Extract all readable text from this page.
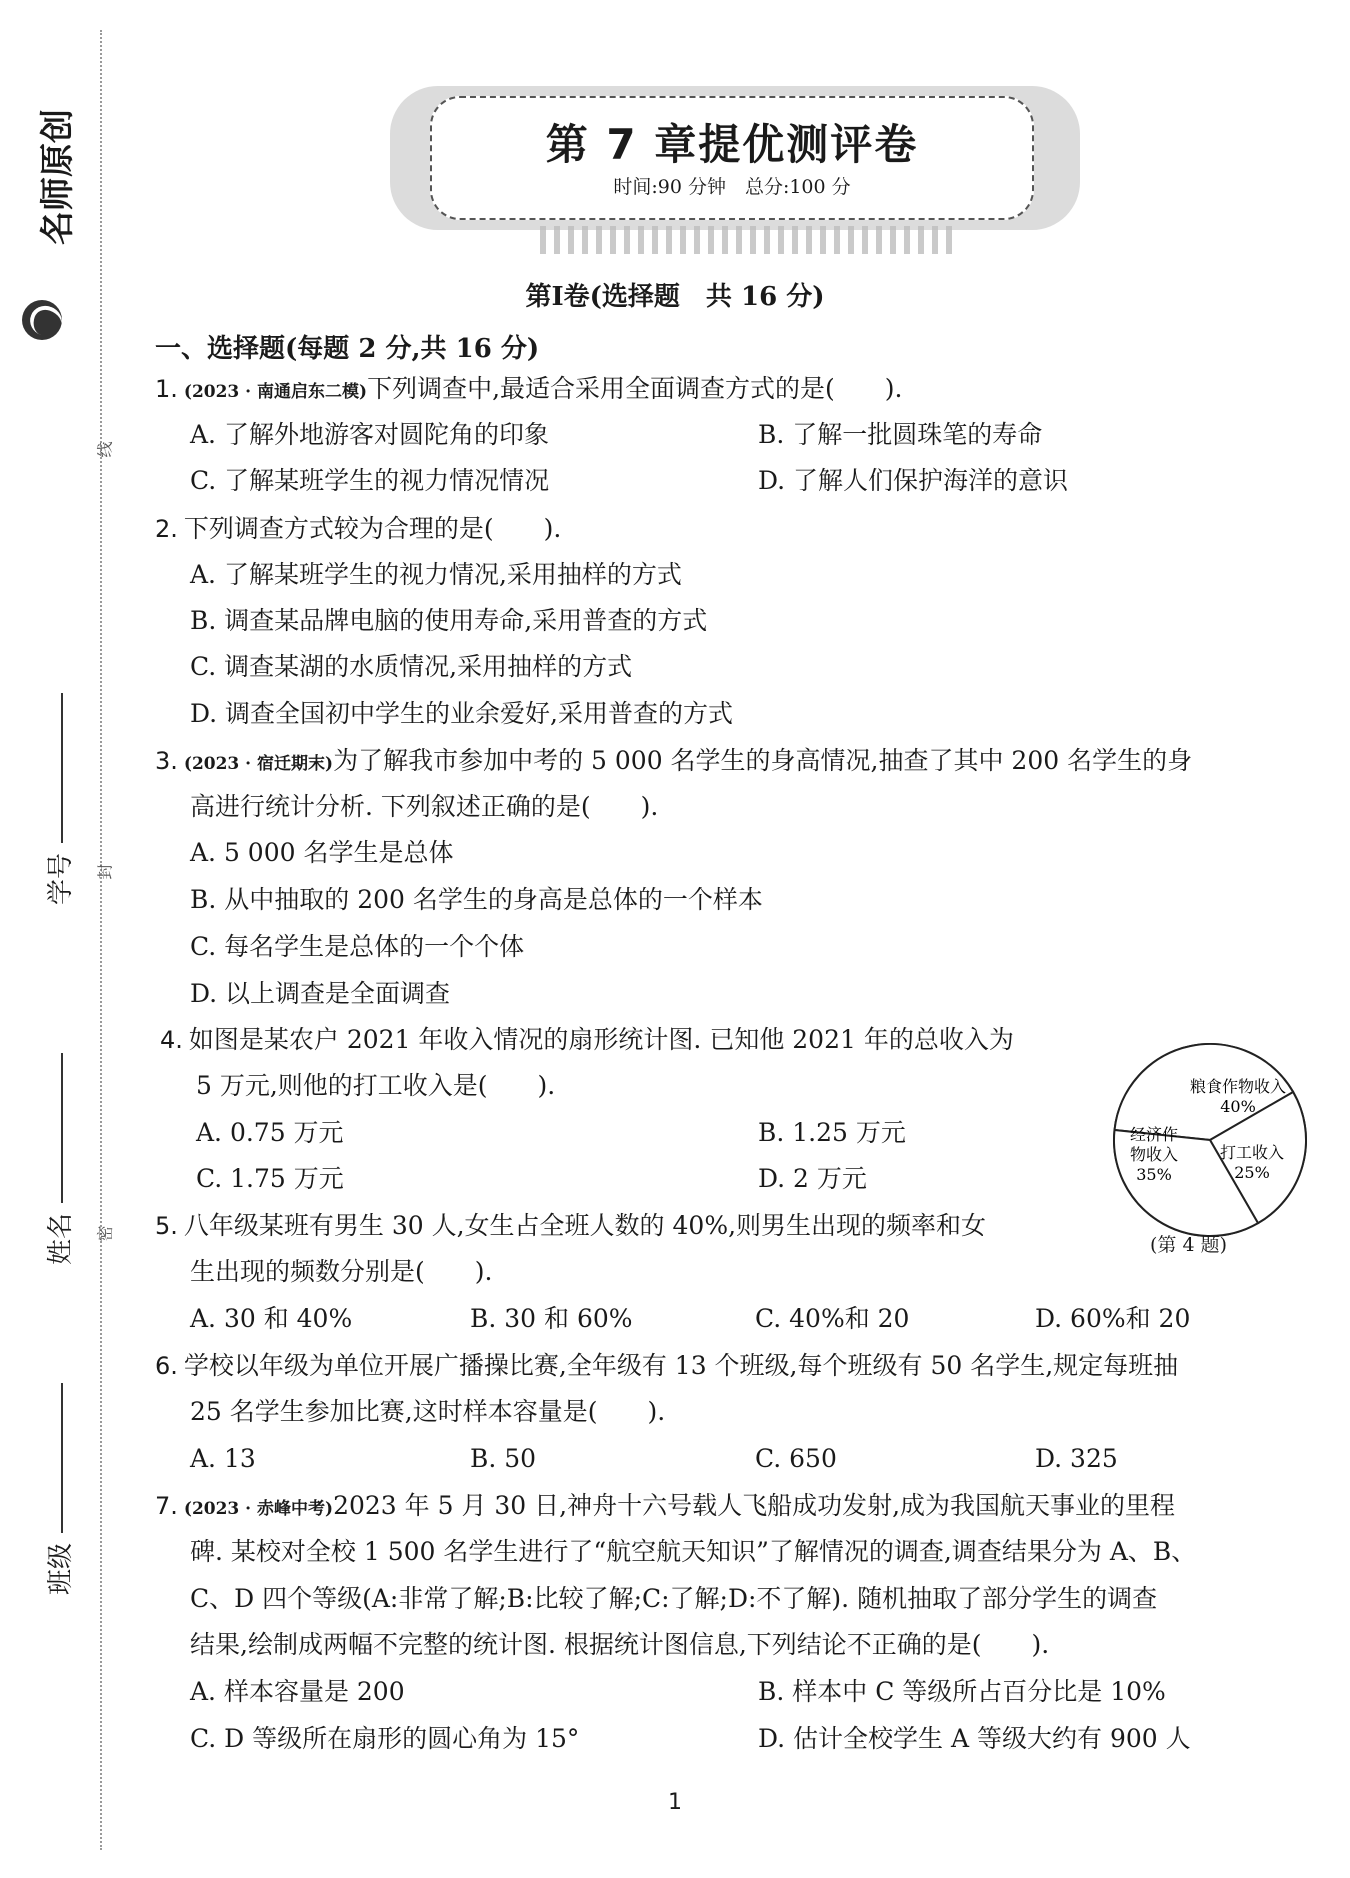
名师原创
班级
姓名
学号
线
封
密
第 7 章提优测评卷
时间:90 分钟　总分:100 分
第Ⅰ卷(选择题　共 16 分)
一、选择题(每题 2 分,共 16 分)
1. (2023 · 南通启东二模)下列调查中,最适合采用全面调查方式的是(　　).
A. 了解外地游客对圆陀角的印象	B. 了解一批圆珠笔的寿命
C. 了解某班学生的视力情况情况	D. 了解人们保护海洋的意识
2. 下列调查方式较为合理的是(　　).
A. 了解某班学生的视力情况,采用抽样的方式
B. 调查某品牌电脑的使用寿命,采用普查的方式
C. 调查某湖的水质情况,采用抽样的方式
D. 调查全国初中学生的业余爱好,采用普查的方式
3. (2023 · 宿迁期末)为了解我市参加中考的 5 000 名学生的身高情况,抽查了其中 200 名学生的身
高进行统计分析. 下列叙述正确的是(　　).
A. 5 000 名学生是总体
B. 从中抽取的 200 名学生的身高是总体的一个样本
C. 每名学生是总体的一个个体
D. 以上调查是全面调查
4. 如图是某农户 2021 年收入情况的扇形统计图. 已知他 2021 年的总收入为
5 万元,则他的打工收入是(　　).
A. 0.75 万元	B. 1.25 万元
C. 1.75 万元	D. 2 万元
粮食作物收入
40%
经济作
物收入
35%
打工收入
25%
(第 4 题)
5. 八年级某班有男生 30 人,女生占全班人数的 40%,则男生出现的频率和女
生出现的频数分别是(　　).
A. 30 和 40%	B. 30 和 60%	C. 40%和 20	D. 60%和 20
6. 学校以年级为单位开展广播操比赛,全年级有 13 个班级,每个班级有 50 名学生,规定每班抽
25 名学生参加比赛,这时样本容量是(　　).
A. 13	B. 50	C. 650	D. 325
7. (2023 · 赤峰中考)2023 年 5 月 30 日,神舟十六号载人飞船成功发射,成为我国航天事业的里程
碑. 某校对全校 1 500 名学生进行了“航空航天知识”了解情况的调查,调查结果分为 A、B、
C、D 四个等级(A:非常了解;B:比较了解;C:了解;D:不了解). 随机抽取了部分学生的调查
结果,绘制成两幅不完整的统计图. 根据统计图信息,下列结论不正确的是(　　).
A. 样本容量是 200	B. 样本中 C 等级所占百分比是 10%
C. D 等级所在扇形的圆心角为 15°	D. 估计全校学生 A 等级大约有 900 人
1
